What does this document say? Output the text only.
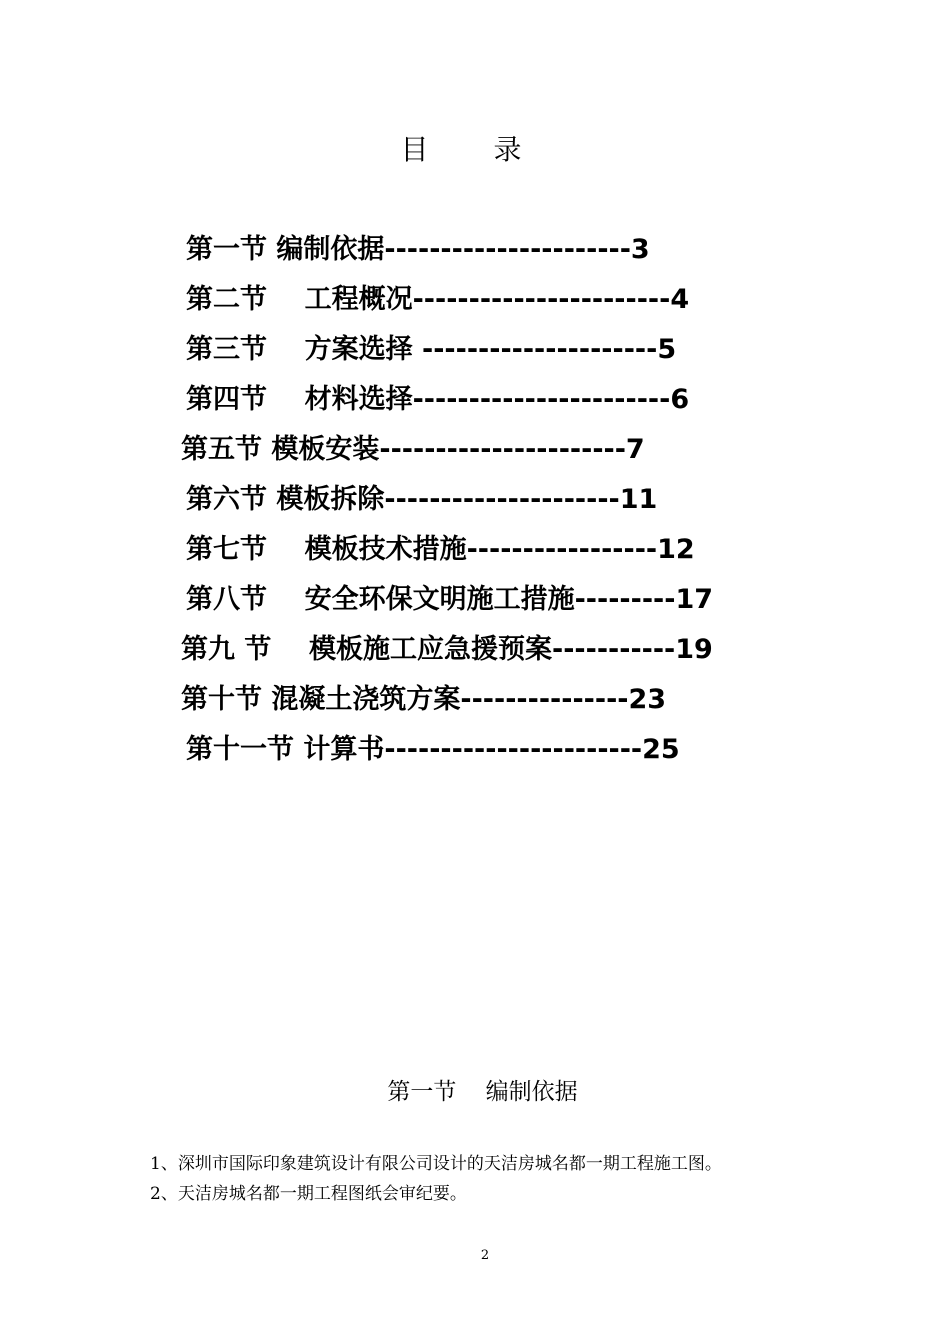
目 录
第一节 编制依据----------------------3
第二节    工程概况-----------------------4
第三节    方案选择 ---------------------5
第四节    材料选择-----------------------6
第五节 模板安装----------------------7
第六节 模板拆除---------------------11
第七节    模板技术措施-----------------12
第八节    安全环保文明施工措施---------17
第九 节    模板施工应急援预案-----------19
第十节 混凝土浇筑方案---------------23
第十一节 计算书-----------------------25
第一节    编制依据
1、深圳市国际印象建筑设计有限公司设计的天洁房城名都一期工程施工图。
2、天洁房城名都一期工程图纸会审纪要。
2
